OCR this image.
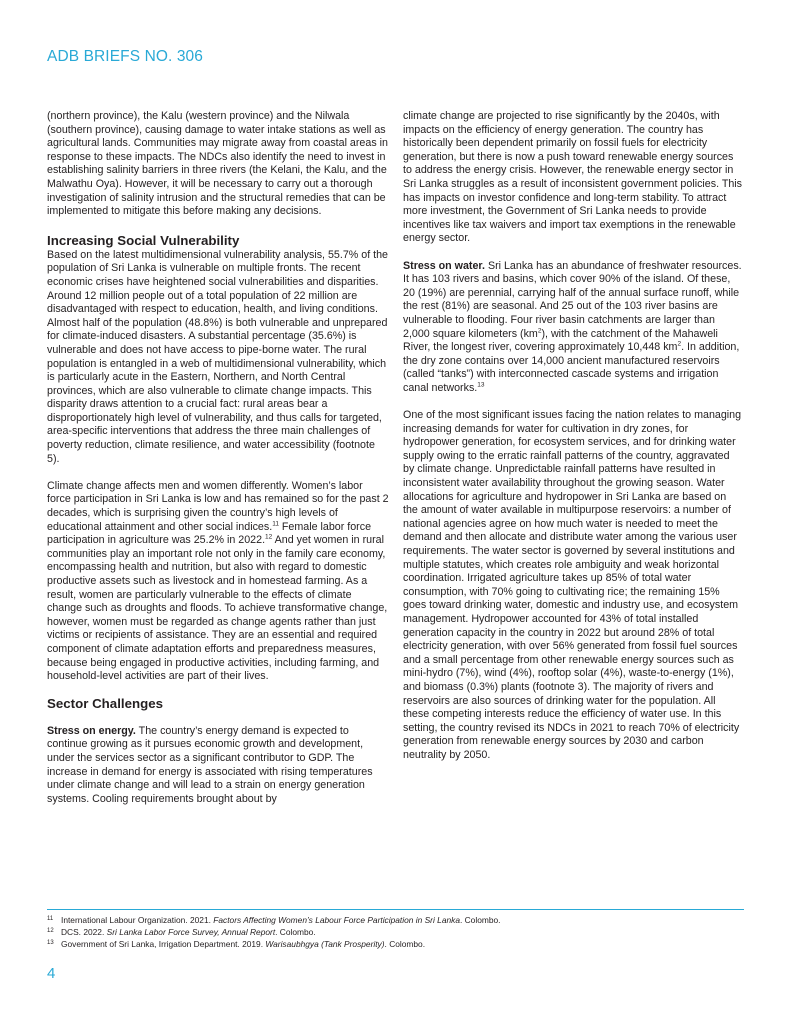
ADB BRIEFS NO. 306

(northern province), the Kalu (western province) and the Nilwala (southern province), causing damage to water intake stations as well as agricultural lands. Communities may migrate away from coastal areas in response to these impacts. The NDCs also identify the need to invest in establishing salinity barriers in three rivers (the Kelani, the Kalu, and the Malwathu Oya). However, it will be necessary to carry out a thorough investigation of salinity intrusion and the structural remedies that can be implemented to mitigate this before making any decisions.

Increasing Social Vulnerability

Based on the latest multidimensional vulnerability analysis, 55.7% of the population of Sri Lanka is vulnerable on multiple fronts. The recent economic crises have heightened social vulnerabilities and disparities. Around 12 million people out of a total population of 22 million are disadvantaged with respect to education, health, and living conditions. Almost half of the population (48.8%) is both vulnerable and unprepared for climate-induced disasters. A substantial percentage (35.6%) is vulnerable and does not have access to pipe-borne water. The rural population is entangled in a web of multidimensional vulnerability, which is particularly acute in the Eastern, Northern, and North Central provinces, which are also vulnerable to climate change impacts. This disparity draws attention to a crucial fact: rural areas bear a disproportionately high level of vulnerability, and thus calls for targeted, area-specific interventions that address the three main challenges of poverty reduction, climate resilience, and water accessibility (footnote 5).

Climate change affects men and women differently. Women’s labor force participation in Sri Lanka is low and has remained so for the past 2 decades, which is surprising given the country’s high levels of educational attainment and other social indices.$^{11}$ Female labor force participation in agriculture was 25.2% in 2022.12 And yet women in rural communities play an important role not only in the family care economy, encompassing health and nutrition, but also with regard to domestic productive assets such as livestock and in homestead farming. As a result, women are particularly vulnerable to the effects of climate change such as droughts and floods. To achieve transformative change, however, women must be regarded as change agents rather than just victims or recipients of assistance. They are an essential and required component of climate adaptation efforts and preparedness measures, because being engaged in productive activities, including farming, and household-level activities are part of their lives.

Sector Challenges

Stress on energy. The country’s energy demand is expected to continue growing as it pursues economic growth and development, under the services sector as a significant contributor to GDP. The increase in demand for energy is associated with rising temperatures under climate change and will lead to a strain on energy generation systems. Cooling requirements brought about by

climate change are projected to rise significantly by the 2040s, with impacts on the efficiency of energy generation. The country has historically been dependent primarily on fossil fuels for electricity generation, but there is now a push toward renewable energy sources to address the energy crisis. However, the renewable energy sector in Sri Lanka struggles as a result of inconsistent government policies. This has impacts on investor confidence and long-term stability. To attract more investment, the Government of Sri Lanka needs to provide incentives like tax waivers and import tax exemptions in the renewable energy sector.

Stress on water. Sri Lanka has an abundance of freshwater resources. It has 103 rivers and basins, which cover 90% of the island. Of these, 20 (19%) are perennial, carrying half of the annual surface runoff, while the rest (81%) are seasonal. And 25 out of the 103 river basins are vulnerable to flooding. Four river basin catchments are larger than 2,000 square kilometers $(km^2)$, with the catchment of the Mahaweli River, the longest river, covering approximately 10,448 $km^2$. In addition, the dry zone contains over 14,000 ancient manufactured reservoirs (called “tanks”) with interconnected cascade systems and irrigation canal networks.$^{13}$

One of the most significant issues facing the nation relates to managing increasing demands for water for cultivation in dry zones, for hydropower generation, for ecosystem services, and for drinking water supply owing to the erratic rainfall patterns of the country, aggravated by climate change. Unpredictable rainfall patterns have resulted in inconsistent water availability throughout the growing season. Water allocations for agriculture and hydropower in Sri Lanka are based on the amount of water available in multipurpose reservoirs: a number of national agencies agree on how much water is needed to meet the demand and then allocate and distribute water among the various user requirements. The water sector is governed by several institutions and multiple statutes, which creates role ambiguity and weak horizontal coordination. Irrigated agriculture takes up 85% of total water consumption, with 70% going to cultivating rice; the remaining 15% goes toward drinking water, domestic and industry use, and ecosystem management. Hydropower accounted for 43% of total installed generation capacity in the country in 2022 but around 28% of total electricity generation, with over 56% generated from fossil fuel sources and a small percentage from other renewable energy sources such as mini-hydro (7%), wind (4%), rooftop solar (4%), waste-to-energy (1%), and biomass (0.3%) plants (footnote 3). The majority of rivers and reservoirs are also sources of drinking water for the population. All these competing interests reduce the efficiency of water use. In this setting, the country revised its NDCs in 2021 to reach 70% of electricity generation from renewable energy sources by 2030 and carbon neutrality by 2050.

11 International Labour Organization. 2021. Factors Affecting Women’s Labour Force Participation in Sri Lanka. Colombo.
12 DCS. 2022. Sri Lanka Labor Force Survey, Annual Report. Colombo.
13 Government of Sri Lanka, Irrigation Department. 2019. Warisaubhgya (Tank Prosperity). Colombo.
4
